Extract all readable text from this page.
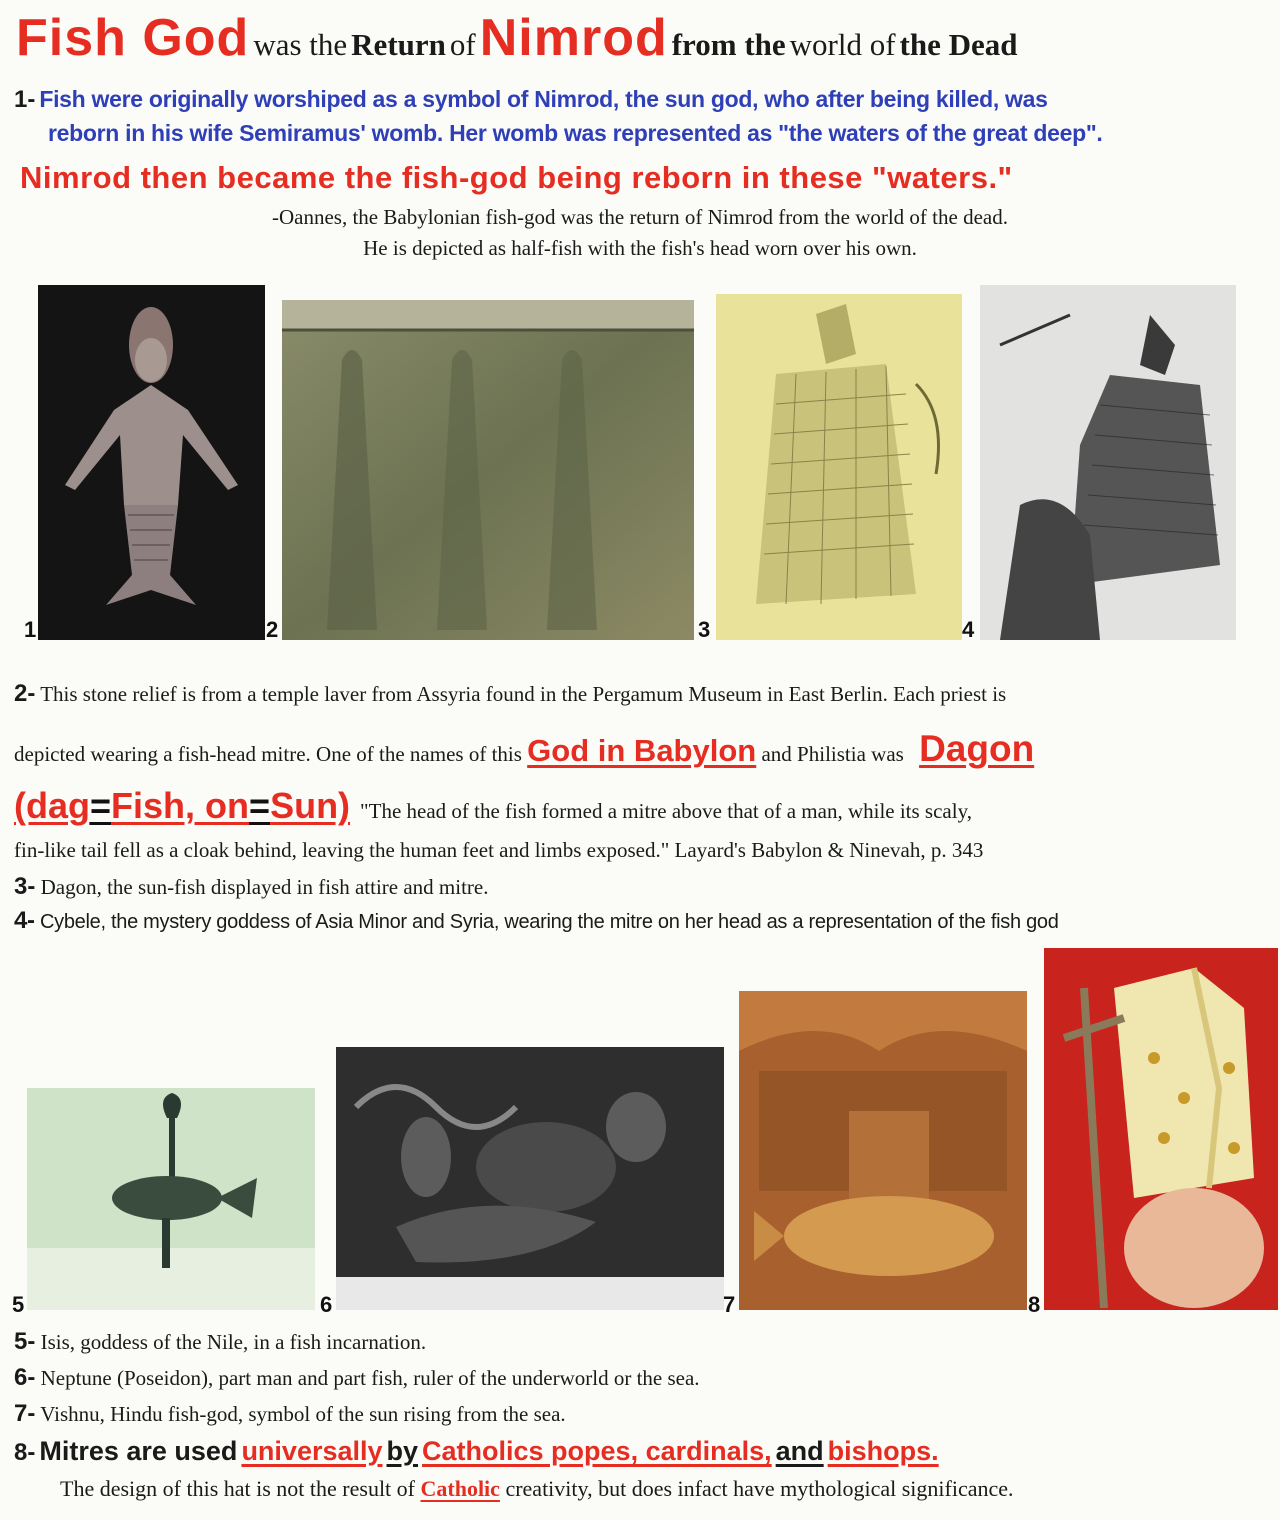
Fish God was the Return of Nimrod from the world of the Dead
1- Fish were originally worshiped as a symbol of Nimrod, the sun god, who after being killed, was
reborn in his wife Semiramus' womb. Her womb was represented as "the waters of the great deep".
Nimrod then became the fish-god being reborn in these "waters."
-Oannes, the Babylonian fish-god was the return of Nimrod from the world of the dead.
He is depicted as half-fish with the fish's head worn over his own.
1	2	3	4
2- This stone relief is from a temple laver from Assyria found in the Pergamum Museum in East Berlin. Each priest is
depicted wearing a fish-head mitre. One of the names of this God in Babylon and Philistia was Dagon
(dag=Fish, on=Sun) "The head of the fish formed a mitre above that of a man, while its scaly,
fin-like tail fell as a cloak behind, leaving the human feet and limbs exposed." Layard's Babylon & Ninevah, p. 343
3- Dagon, the sun-fish displayed in fish attire and mitre.
4- Cybele, the mystery goddess of Asia Minor and Syria, wearing the mitre on her head as a representation of the fish god
5	6	7	8
5- Isis, goddess of the Nile, in a fish incarnation.
6- Neptune (Poseidon), part man and part fish, ruler of the underworld or the sea.
7- Vishnu, Hindu fish-god, symbol of the sun rising from the sea.
8- Mitres are used universally by Catholics popes, cardinals, and bishops.
The design of this hat is not the result of Catholic creativity, but does infact have mythological significance.
